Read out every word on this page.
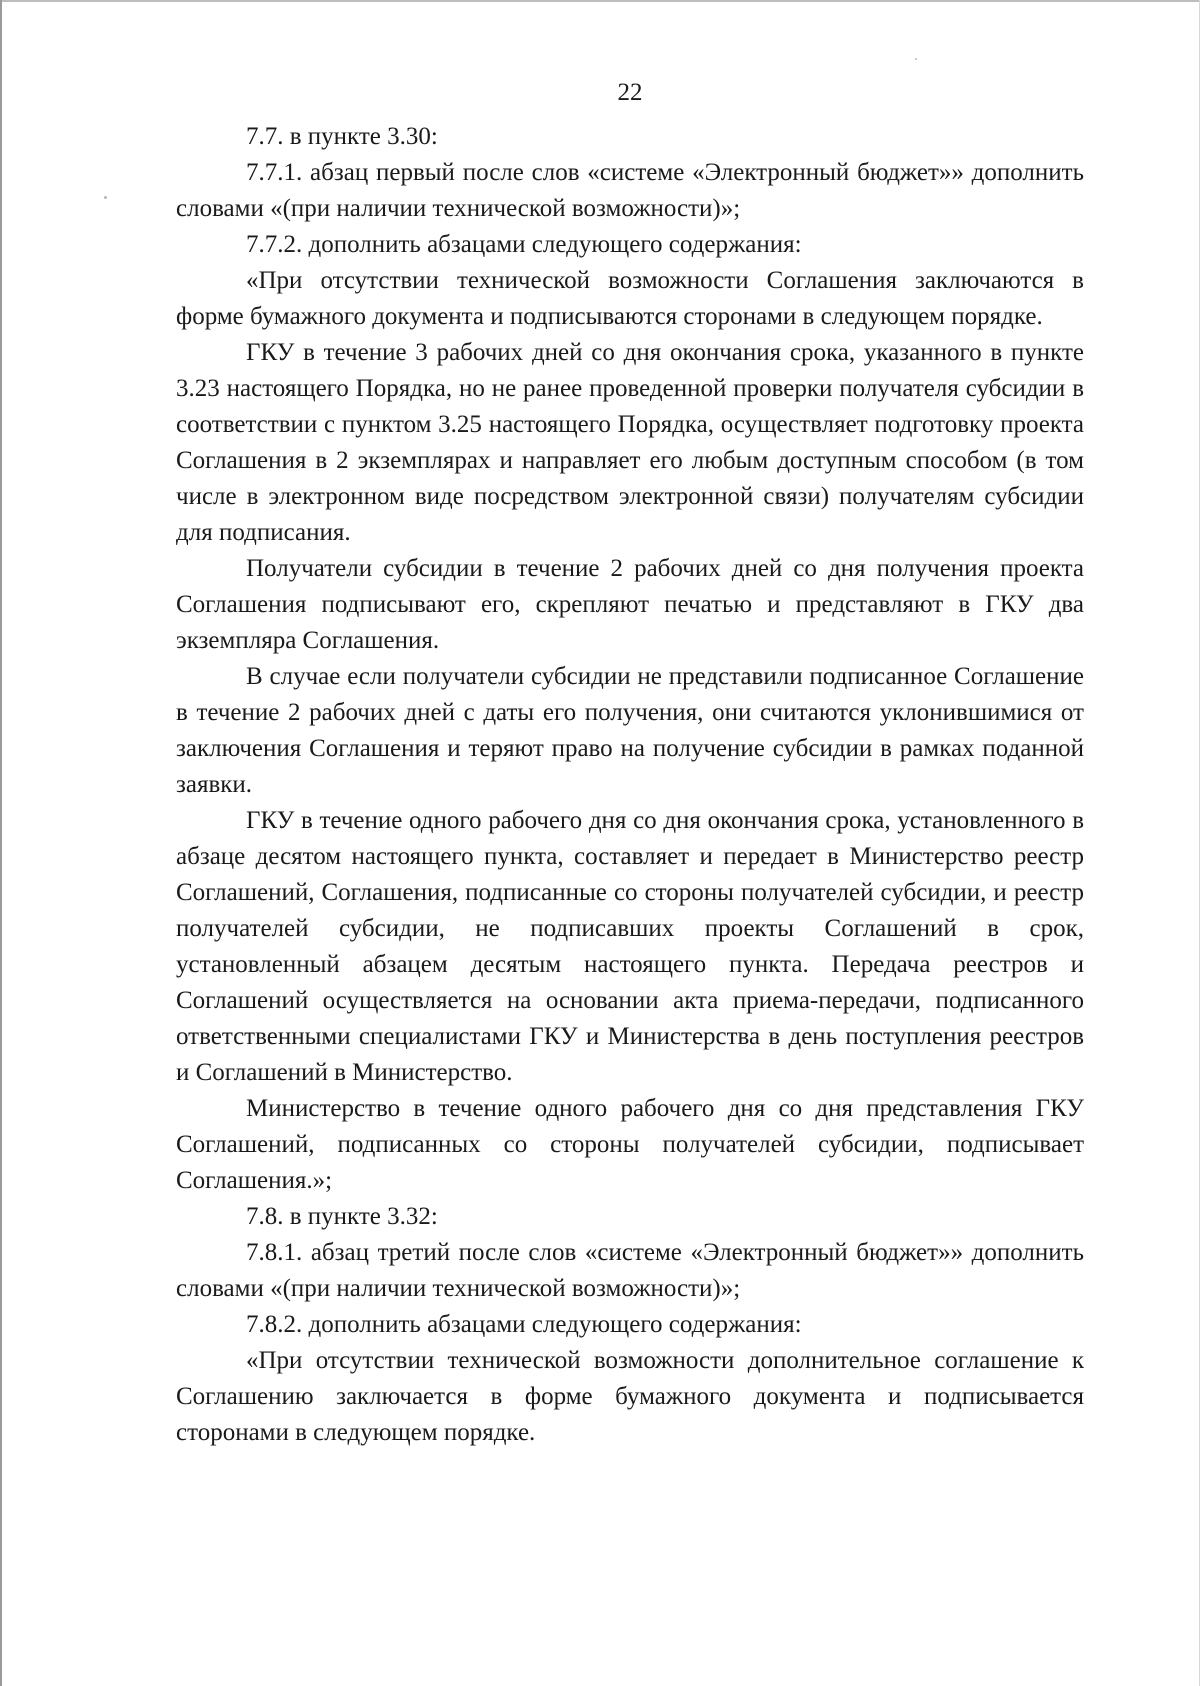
22

7.7. в пункте 3.30:

7.7.1. абзац первый после слов «системе «Электронный бюджет»» дополнить словами «(при наличии технической возможности)»;

7.7.2. дополнить абзацами следующего содержания:

«При отсутствии технической возможности Соглашения заключаются в форме бумажного документа и подписываются сторонами в следующем порядке.

ГКУ в течение 3 рабочих дней со дня окончания срока, указанного в пункте 3.23 настоящего Порядка, но не ранее проведенной проверки получателя субсидии в соответствии с пунктом 3.25 настоящего Порядка, осуществляет подготовку проекта Соглашения в 2 экземплярах и направляет его любым доступным способом (в том числе в электронном виде посредством электронной связи) получателям субсидии для подписания.

Получатели субсидии в течение 2 рабочих дней со дня получения проекта Соглашения подписывают его, скрепляют печатью и представляют в ГКУ два экземпляра Соглашения.

В случае если получатели субсидии не представили подписанное Соглашение в течение 2 рабочих дней с даты его получения, они считаются уклонившимися от заключения Соглашения и теряют право на получение субсидии в рамках поданной заявки.

ГКУ в течение одного рабочего дня со дня окончания срока, установленного в абзаце десятом настоящего пункта, составляет и передает в Министерство реестр Соглашений, Соглашения, подписанные со стороны получателей субсидии, и реестр получателей субсидии, не подписавших проекты Соглашений в срок, установленный абзацем десятым настоящего пункта. Передача реестров и Соглашений осуществляется на основании акта приема-передачи, подписанного ответственными специалистами ГКУ и Министерства в день поступления реестров и Соглашений в Министерство.

Министерство в течение одного рабочего дня со дня представления ГКУ Соглашений, подписанных со стороны получателей субсидии, подписывает Соглашения.»;

7.8. в пункте 3.32:

7.8.1. абзац третий после слов «системе «Электронный бюджет»» дополнить словами «(при наличии технической возможности)»;

7.8.2. дополнить абзацами следующего содержания:

«При отсутствии технической возможности дополнительное соглашение к Соглашению заключается в форме бумажного документа и подписывается сторонами в следующем порядке.
